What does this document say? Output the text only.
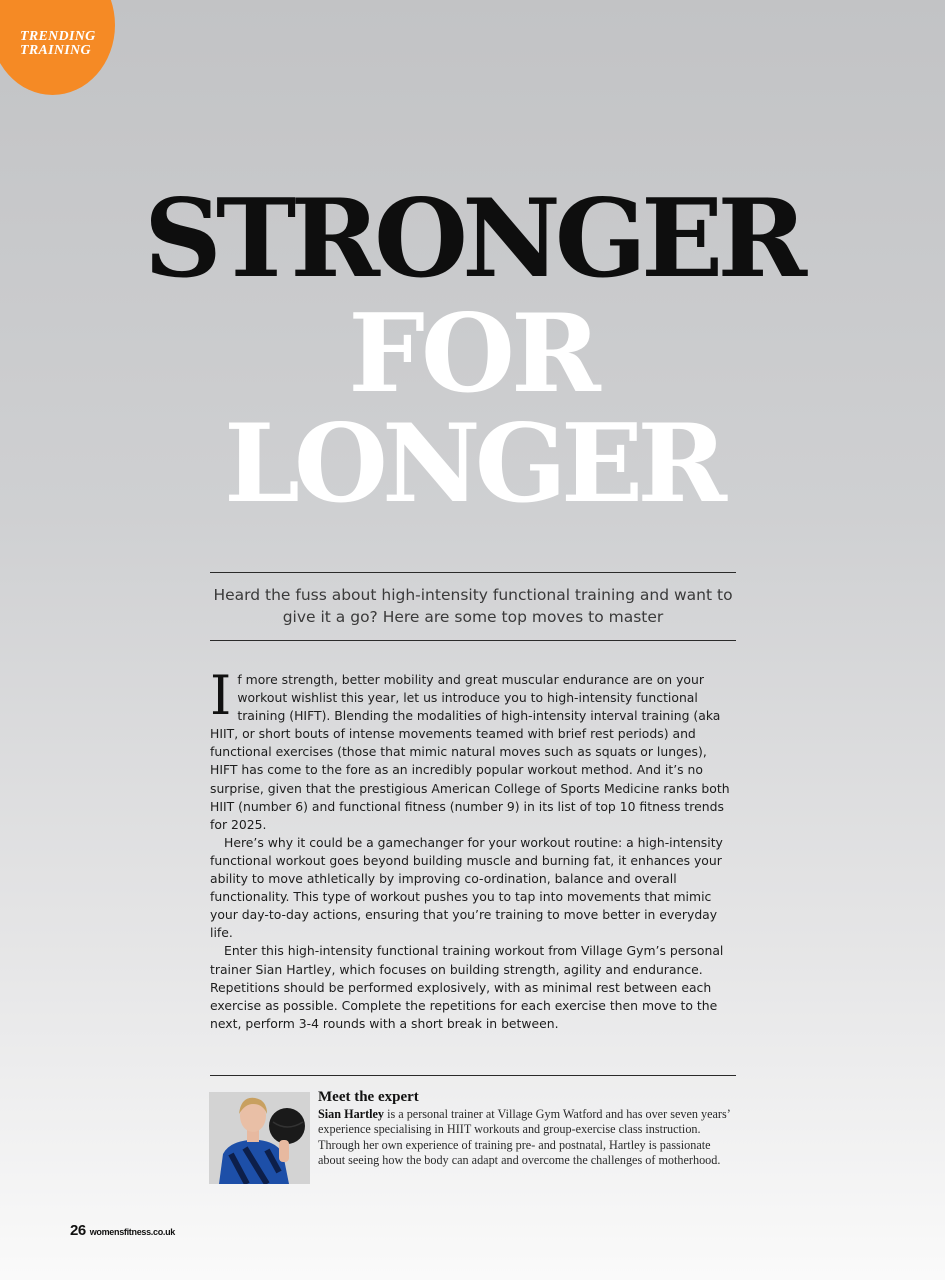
TRENDING
TRAINING
STRONGER
FOR
LONGER

Heard the fuss about high-intensity functional training and want to give it a go? Here are some top moves to master

If more strength, better mobility and great muscular endurance are on your workout wishlist this year, let us introduce you to high-intensity functional training (HIFT). Blending the modalities of high-intensity interval training (aka HIIT, or short bouts of intense movements teamed with brief rest periods) and functional exercises (those that mimic natural moves such as squats or lunges), HIFT has come to the fore as an incredibly popular workout method. And it’s no surprise, given that the prestigious American College of Sports Medicine ranks both HIIT (number 6) and functional fitness (number 9) in its list of top 10 fitness trends for 2025.

Here’s why it could be a gamechanger for your workout routine: a high-intensity functional workout goes beyond building muscle and burning fat, it enhances your ability to move athletically by improving co-ordination, balance and overall functionality. This type of workout pushes you to tap into movements that mimic your day-to-day actions, ensuring that you’re training to move better in everyday life.

Enter this high-intensity functional training workout from Village Gym’s personal trainer Sian Hartley, which focuses on building strength, agility and endurance. Repetitions should be performed explosively, with as minimal rest between each exercise as possible. Complete the repetitions for each exercise then move to the next, perform 3-4 rounds with a short break in between.

Meet the expert

Sian Hartley is a personal trainer at Village Gym Watford and has over seven years’ experience specialising in HIIT workouts and group-exercise class instruction. Through her own experience of training pre- and postnatal, Hartley is passionate about seeing how the body can adapt and overcome the challenges of motherhood.

26 womensfitness.co.uk
